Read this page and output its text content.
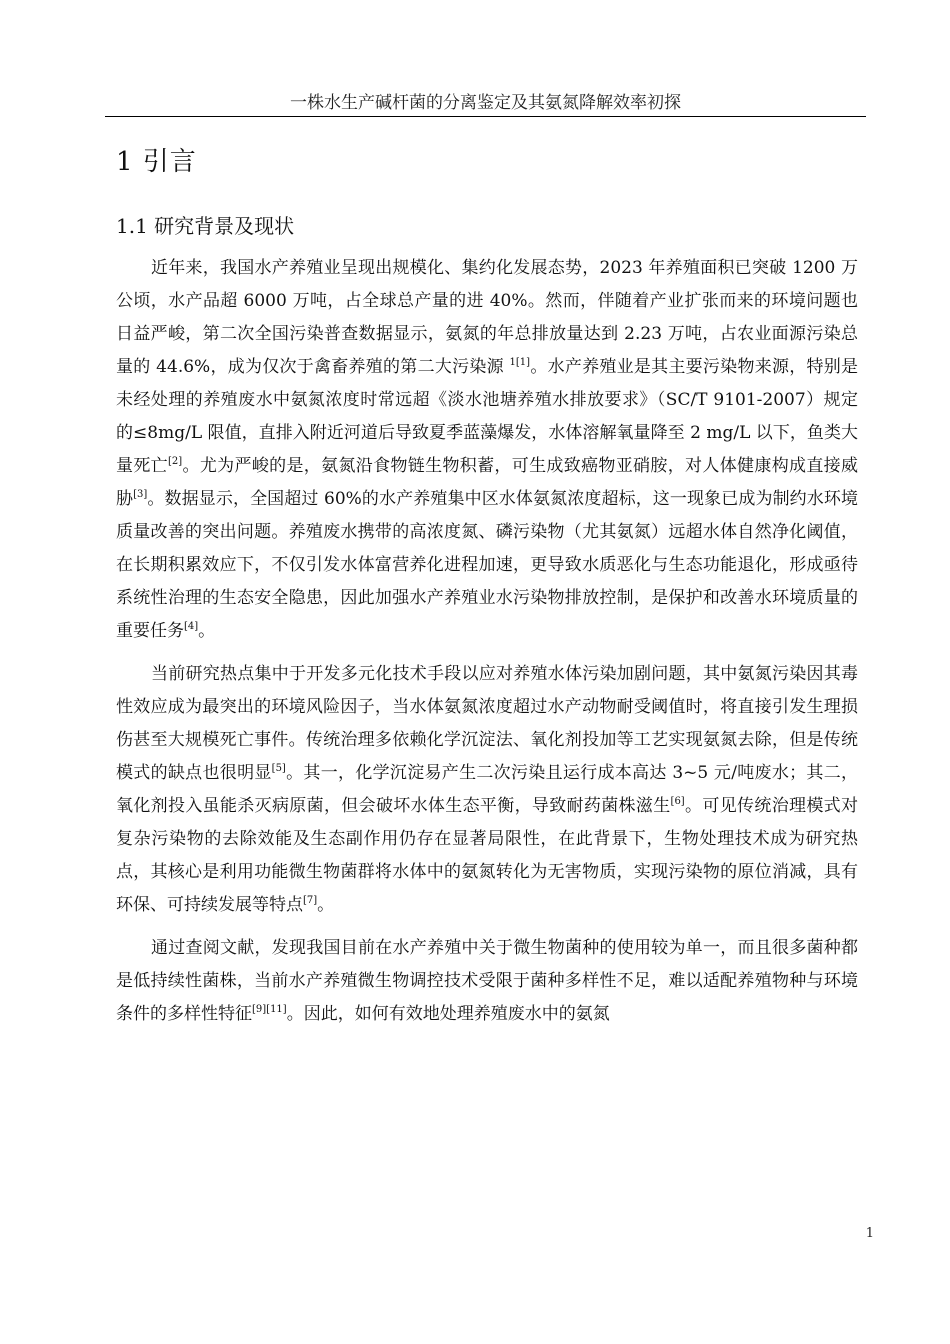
一株水生产碱杆菌的分离鉴定及其氨氮降解效率初探
1 引言
1.1 研究背景及现状

近年来，我国水产养殖业呈现出规模化、集约化发展态势，2023 年养殖面积已突破 1200 万公顷，水产品超 6000 万吨，占全球总产量的进 40%。然而，伴随着产业扩张而来的环境问题也日益严峻，第二次全国污染普查数据显示，氨氮的年总排放量达到 2.23 万吨，占农业面源污染总量的 44.6%，成为仅次于禽畜养殖的第二大污染源 $^{1[1]}$。水产养殖业是其主要污染物来源，特别是未经处理的养殖废水中氨氮浓度时常远超《淡水池塘养殖水排放要求》（SC/T 9101-2007）规定的≤8mg/L 限值，直排入附近河道后导致夏季蓝藻爆发，水体溶解氧量降至 2 mg/L 以下，鱼类大量死亡[2]。尤为严峻的是，氨氮沿食物链生物积蓄，可生成致癌物亚硝胺，对人体健康构成直接威胁[3]。数据显示，全国超过 60%的水产养殖集中区水体氨氮浓度超标，这一现象已成为制约水环境质量改善的突出问题。养殖废水携带的高浓度氮、磷污染物（尤其氨氮）远超水体自然净化阈值，在长期积累效应下，不仅引发水体富营养化进程加速，更导致水质恶化与生态功能退化，形成亟待系统性治理的生态安全隐患，因此加强水产养殖业水污染物排放控制，是保护和改善水环境质量的重要任务[4]。

当前研究热点集中于开发多元化技术手段以应对养殖水体污染加剧问题，其中氨氮污染因其毒性效应成为最突出的环境风险因子，当水体氨氮浓度超过水产动物耐受阈值时，将直接引发生理损伤甚至大规模死亡事件。传统治理多依赖化学沉淀法、氧化剂投加等工艺实现氨氮去除，但是传统模式的缺点也很明显[5]。其一，化学沉淀易产生二次污染且运行成本高达 3~5 元/吨废水；其二，氧化剂投入虽能杀灭病原菌，但会破坏水体生态平衡，导致耐药菌株滋生[6]。可见传统治理模式对复杂污染物的去除效能及生态副作用仍存在显著局限性，在此背景下，生物处理技术成为研究热点，其核心是利用功能微生物菌群将水体中的氨氮转化为无害物质，实现污染物的原位消减，具有环保、可持续发展等特点[7]。

通过查阅文献，发现我国目前在水产养殖中关于微生物菌种的使用较为单一，而且很多菌种都是低持续性菌株，当前水产养殖微生物调控技术受限于菌种多样性不足，难以适配养殖物种与环境条件的多样性特征[9][11]。因此，如何有效地处理养殖废水中的氨氮

1
